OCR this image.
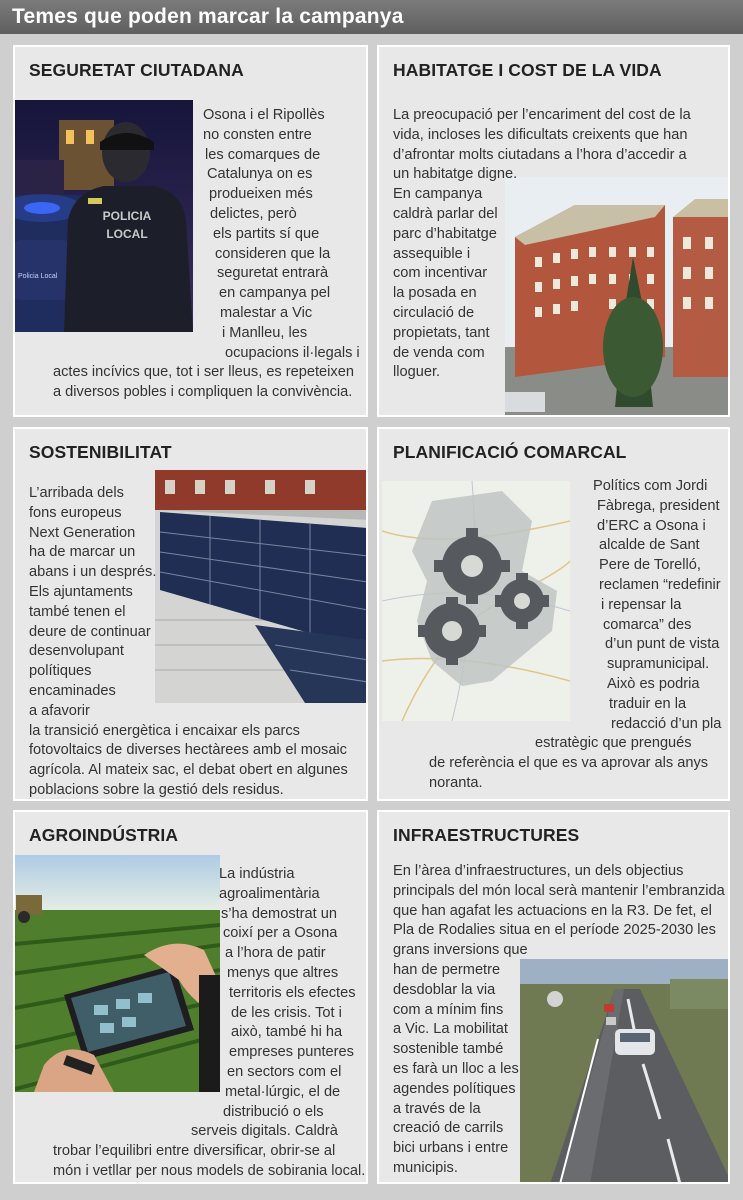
Temes que poden marcar la campanya
SEGURETAT CIUTADANA
Policia Local
POLICIA
LOCAL
Osona i el Ripollès
no consten entre
les comarques de
Catalunya on es
produeixen més
delictes, però
els partits sí que
consideren que la
seguretat entrarà
en campanya pel
malestar a Vic
i Manlleu, les
ocupacions il·legals i
actes incívics que, tot i ser lleus, es repeteixen
a diversos pobles i compliquen la convivència.
HABITATGE I COST DE LA VIDA
La preocupació per l’encariment del cost de la
vida, incloses les dificultats creixents que han
d’afrontar molts ciutadans a l’hora d’accedir a
un habitatge digne.
En campanya
caldrà parlar del
parc d’habitatge
assequible i
com incentivar
la posada en
circulació de
propietats, tant
de venda com
lloguer.
SOSTENIBILITAT
L’arribada dels
fons europeus
Next Generation
ha de marcar un
abans i un després.
Els ajuntaments
també tenen el
deure de continuar
desenvolupant
polítiques
encaminades
a afavorir
la transició energètica i encaixar els parcs
fotovoltaics de diverses hectàrees amb el mosaic
agrícola. Al mateix sac, el debat obert en algunes
poblacions sobre la gestió dels residus.
PLANIFICACIÓ COMARCAL
Polítics com Jordi
Fàbrega, president
d’ERC a Osona i
alcalde de Sant
Pere de Torelló,
reclamen “redefinir
i repensar la
comarca” des
d’un punt de vista
supramunicipal.
Això es podria
traduir en la
redacció d’un pla
estratègic que prengués
de referència el que es va aprovar als anys
noranta.
AGROINDÚSTRIA
La indústria
agroalimentària
s’ha demostrat un
coixí per a Osona
a l’hora de patir
menys que altres
territoris els efectes
de les crisis. Tot i
això, també hi ha
empreses punteres
en sectors com el
metal·lúrgic, el de
distribució o els
serveis digitals. Caldrà
trobar l’equilibri entre diversificar, obrir-se al
món i vetllar per nous models de sobirania local.
INFRAESTRUCTURES
En l’àrea d’infraestructures, un dels objectius
principals del món local serà mantenir l’embranzida
que han agafat les actuacions en la R3. De fet, el
Pla de Rodalies situa en el període 2025-2030 les
grans inversions que
han de permetre
desdoblar la via
com a mínim fins
a Vic. La mobilitat
sostenible també
es farà un lloc a les
agendes polítiques
a través de la
creació de carrils
bici urbans i entre
municipis.
